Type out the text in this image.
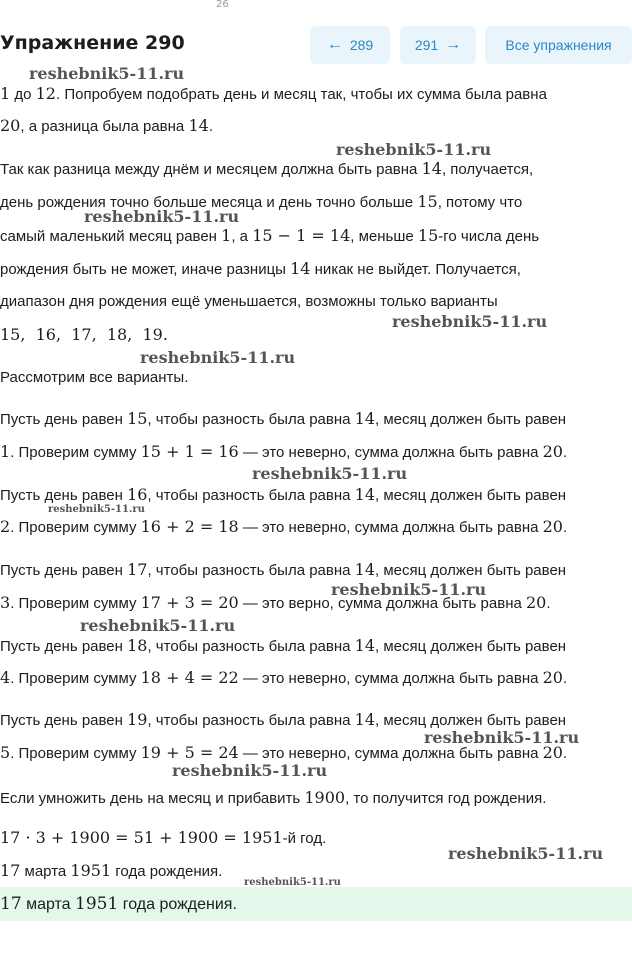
26
Упражнение 290	← 289	291 →	Все упражнения
1 до 12. Попробуем подобрать день и месяц так, чтобы их сумма была равна
20, а разница была равна 14.
Так как разница между днём и месяцем должна быть равна 14, получается,
день рождения точно больше месяца и день точно больше 15, потому что
самый маленький месяц равен 1, а 15 − 1 = 14, меньше 15-го числа день
рождения быть не может, иначе разницы 14 никак не выйдет. Получается,
диапазон дня рождения ещё уменьшается, возможны только варианты
15,  16,  17,  18,  19.
Рассмотрим все варианты.
Пусть день равен 15, чтобы разность была равна 14, месяц должен быть равен
1. Проверим сумму 15 + 1 = 16 — это неверно, сумма должна быть равна 20.
Пусть день равен 16, чтобы разность была равна 14, месяц должен быть равен
2. Проверим сумму 16 + 2 = 18 — это неверно, сумма должна быть равна 20.
Пусть день равен 17, чтобы разность была равна 14, месяц должен быть равен
3. Проверим сумму 17 + 3 = 20 — это верно, сумма должна быть равна 20.
Пусть день равен 18, чтобы разность была равна 14, месяц должен быть равен
4. Проверим сумму 18 + 4 = 22 — это неверно, сумма должна быть равна 20.
Пусть день равен 19, чтобы разность была равна 14, месяц должен быть равен
5. Проверим сумму 19 + 5 = 24 — это неверно, сумма должна быть равна 20.
Если умножить день на месяц и прибавить 1900, то получится год рождения.
17 · 3 + 1900 = 51 + 1900 = 1951-й год.
17 марта 1951 года рождения.
17 марта 1951 года рождения.
reshebnik5-11.ru
reshebnik5-11.ru
reshebnik5-11.ru
reshebnik5-11.ru
reshebnik5-11.ru
reshebnik5-11.ru
reshebnik5-11.ru
reshebnik5-11.ru
reshebnik5-11.ru
reshebnik5-11.ru
reshebnik5-11.ru
reshebnik5-11.ru
reshebnik5-11.ru
